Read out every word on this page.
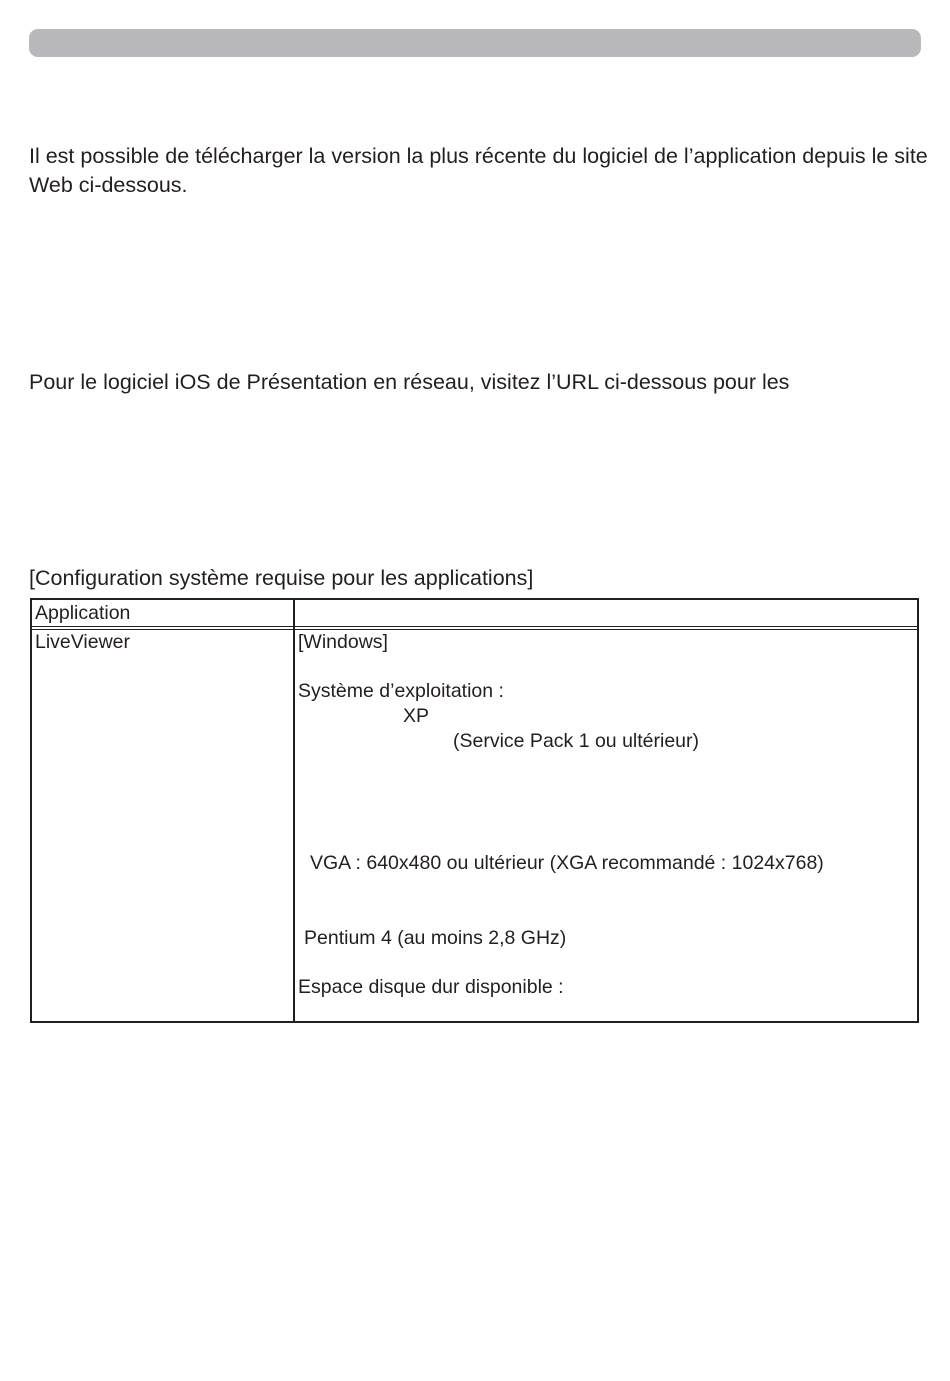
Il est possible de télécharger la version la plus récente du logiciel de l’application depuis le site Web ci-dessous.

Pour le logiciel iOS de Présentation en réseau, visitez l’URL ci-dessous pour les

[Configuration système requise pour les applications]

Application
LiveViewer	[Windows]
Système d’exploitation :
XP
(Service Pack 1 ou ultérieur)
VGA : 640x480 ou ultérieur (XGA recommandé : 1024x768)
Pentium 4 (au moins 2,8 GHz)
Espace disque dur disponible :
